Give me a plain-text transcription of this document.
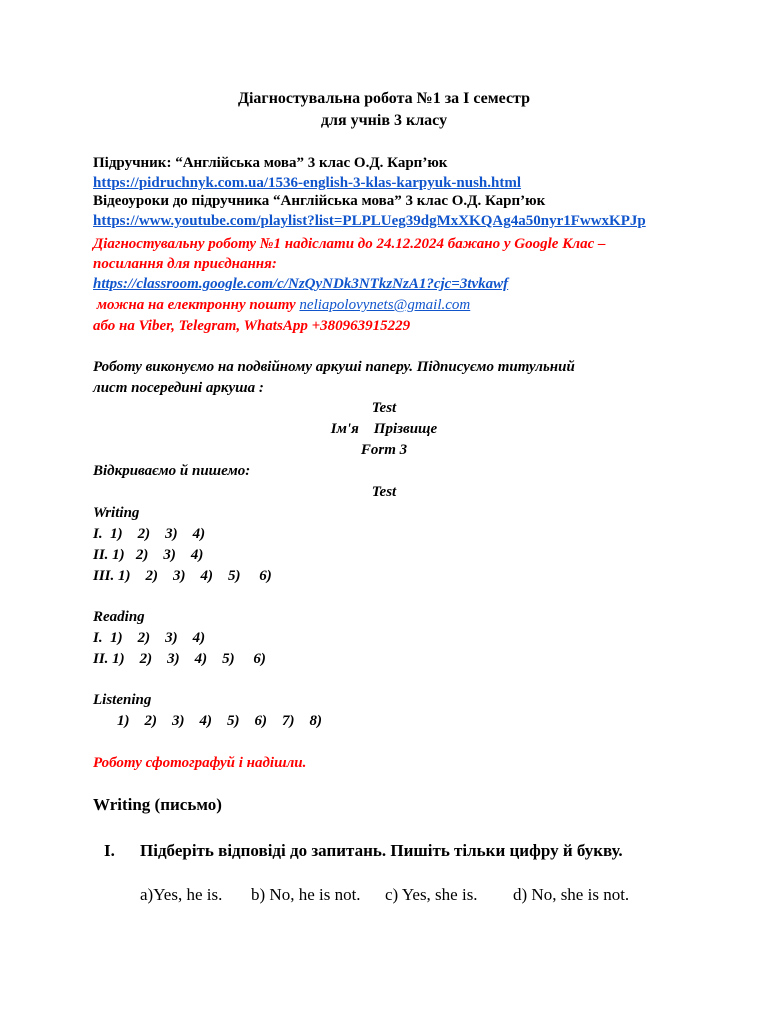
Діагностувальна робота №1 за І семестр
для учнів 3 класу
Підручник: “Англійська мова” 3 клас О.Д. Карп’юк
https://pidruchnyk.com.ua/1536-english-3-klas-karpyuk-nush.html
Відеоуроки до підручника “Англійська мова” 3 клас О.Д. Карп’юк
https://www.youtube.com/playlist?list=PLPLUeg39dgMxXKQAg4a50nyr1FwwxKPJp
Діагностувальну роботу №1 надіслати до 24.12.2024 бажано у Google Клас –
посилання для приєднання:
https://classroom.google.com/c/NzQyNDk3NTkzNzA1?cjc=3tvkawf
можна на електронну пошту neliapolovynets@gmail.com
або на Viber, Telegram, WhatsApp +380963915229
Роботу виконуємо на подвійному аркуші паперу. Підписуємо титульний
лист посередині аркуша :
Test
Ім'я    Прізвище
Form 3
Відкриваємо й пишемо:
Test
Writing
I.  1)    2)    3)    4)
II. 1)   2)    3)    4)
III. 1)    2)    3)    4)    5)     6)
Reading
I.  1)    2)    3)    4)
II. 1)    2)    3)    4)    5)     6)
Listening
1)    2)    3)    4)    5)    6)    7)    8)
Роботу сфотографуй і надішли.
Writing (письмо)
I. Підберіть відповіді до запитань. Пишіть тільки цифру й букву.
a)Yes, he is. b) No, he is not. c) Yes, she is. d) No, she is not.
